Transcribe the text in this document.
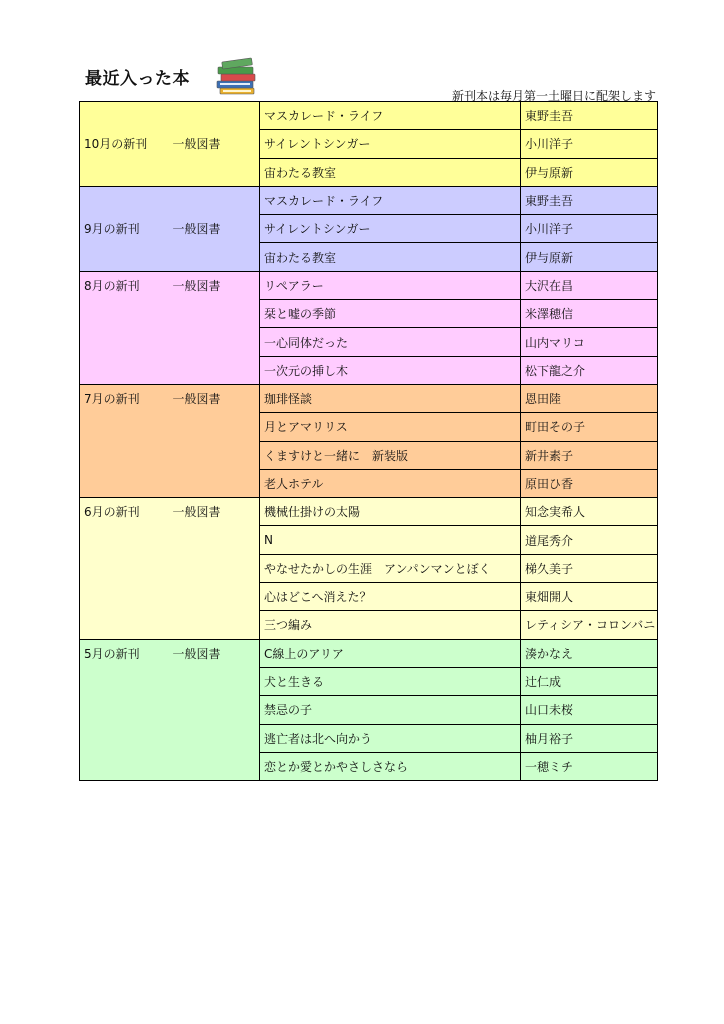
最近入った本
新刊本は毎月第一土曜日に配架します
10月の新刊	一般図書	マスカレード・ライフ	東野圭吾
		サイレントシンガー	小川洋子
		宙わたる教室	伊与原新
9月の新刊	一般図書	マスカレード・ライフ	東野圭吾
		サイレントシンガー	小川洋子
		宙わたる教室	伊与原新
8月の新刊	一般図書	リペアラー	大沢在昌
		栞と嘘の季節	米澤穂信
		一心同体だった	山内マリコ
		一次元の挿し木	松下龍之介
7月の新刊	一般図書	珈琲怪談	恩田陸
		月とアマリリス	町田その子
		くますけと一緒に　新装版	新井素子
		老人ホテル	原田ひ香
6月の新刊	一般図書	機械仕掛けの太陽	知念実希人
		N	道尾秀介
		やなせたかしの生涯　アンパンマンとぼく	梯久美子
		心はどこへ消えた？	東畑開人
		三つ編み	レティシア・コロンバニ
5月の新刊	一般図書	C線上のアリア	湊かなえ
		犬と生きる	辻仁成
		禁忌の子	山口未桜
		逃亡者は北へ向かう	柚月裕子
		恋とか愛とかやさしさなら	一穂ミチ
